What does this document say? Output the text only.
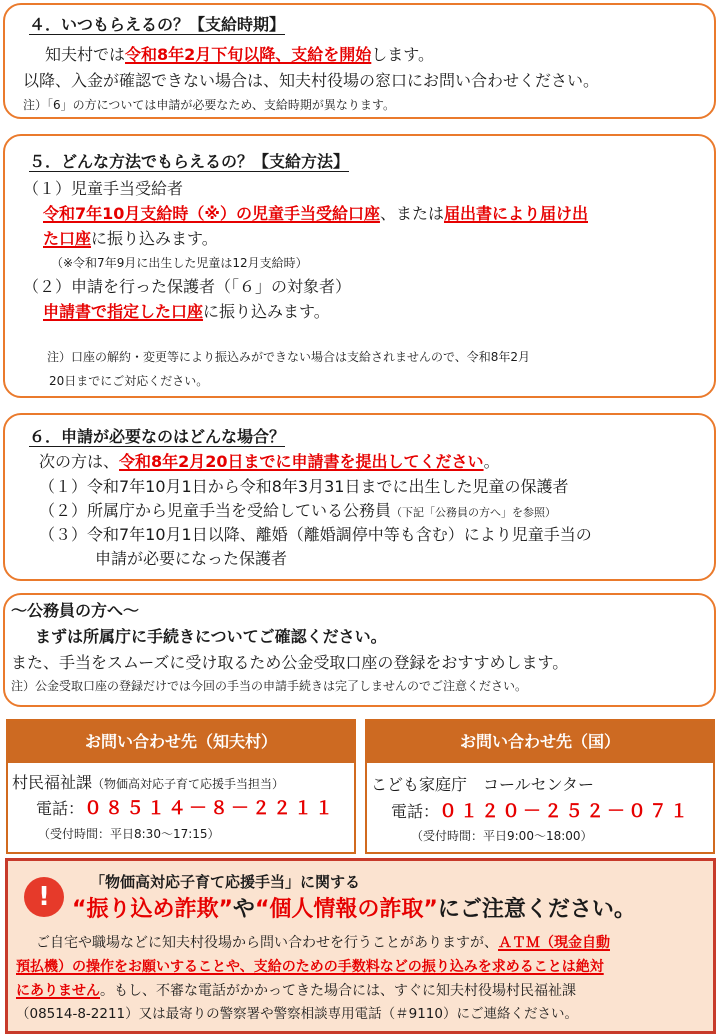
４．いつもらえるの？【支給時期】
知夫村では令和8年2月下旬以降、支給を開始します。
以降、入金が確認できない場合は、知夫村役場の窓口にお問い合わせください。
注）「6」の方については申請が必要なため、支給時期が異なります。
５．どんな方法でもらえるの？【支給方法】
（１）児童手当受給者
令和7年10月支給時（※）の児童手当受給口座、または届出書により届け出
た口座に振り込みます。
（※令和7年9月に出生した児童は12月支給時）
（２）申請を行った保護者（「６」の対象者）
申請書で指定した口座に振り込みます。
注）口座の解約・変更等により振込みができない場合は支給されませんので、令和8年2月
20日までにご対応ください。
６．申請が必要なのはどんな場合？
次の方は、令和8年2月20日までに申請書を提出してください。
（１）令和7年10月1日から令和8年3月31日までに出生した児童の保護者
（２）所属庁から児童手当を受給している公務員（下記「公務員の方へ」を参照）
（３）令和7年10月1日以降、離婚（離婚調停中等も含む）により児童手当の
申請が必要になった保護者
～公務員の方へ～
まずは所属庁に手続きについてご確認ください。
また、手当をスムーズに受け取るため公金受取口座の登録をおすすめします。
注）公金受取口座の登録だけでは今回の手当の申請手続きは完了しませんのでご注意ください。
お問い合わせ先（知夫村）
村民福祉課（物価高対応子育て応援手当担当）
電話：０８５１４－８－２２１１
（受付時間：平日8:30～17:15）
お問い合わせ先（国）
こども家庭庁　コールセンター
電話：０１２０－２５２－０７１
（受付時間：平日9:00～18:00）
!	「物価高対応子育て応援手当」に関する
“振り込め詐欺”や“個人情報の詐取”にご注意ください。
ご自宅や職場などに知夫村役場から問い合わせを行うことがありますが、ＡＴＭ（現金自動
預払機）の操作をお願いすることや、支給のための手数料などの振り込みを求めることは絶対
にありません。もし、不審な電話がかかってきた場合には、すぐに知夫村役場村民福祉課
（08514-8-2211）又は最寄りの警察署や警察相談専用電話（＃9110）にご連絡ください。
